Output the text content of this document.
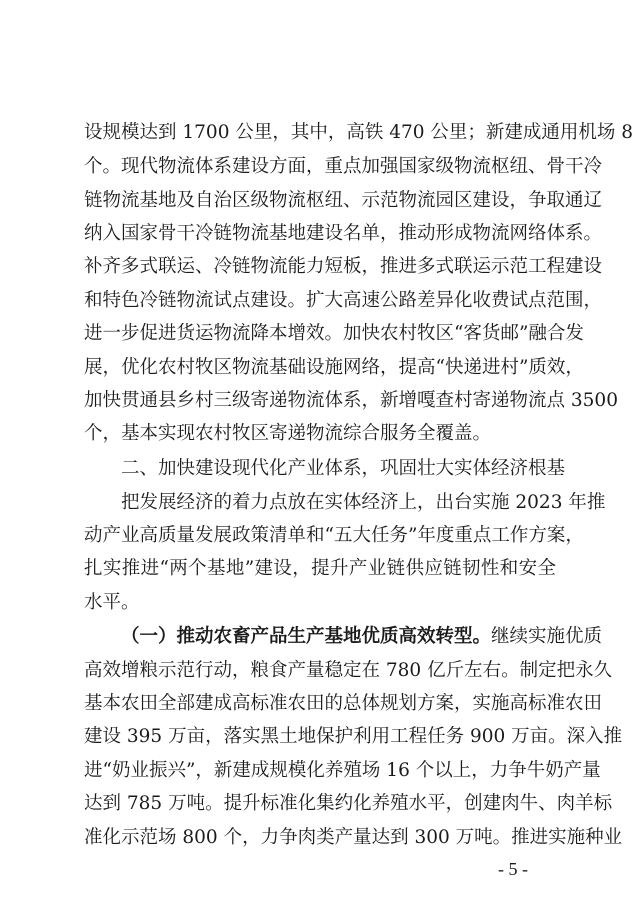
设规模达到 1700 公里，其中，高铁 470 公里；新建成通用机场 8
个。现代物流体系建设方面，重点加强国家级物流枢纽、骨干冷
链物流基地及自治区级物流枢纽、示范物流园区建设，争取通辽
纳入国家骨干冷链物流基地建设名单，推动形成物流网络体系。
补齐多式联运、冷链物流能力短板，推进多式联运示范工程建设
和特色冷链物流试点建设。扩大高速公路差异化收费试点范围，
进一步促进货运物流降本增效。加快农村牧区“客货邮”融合发
展，优化农村牧区物流基础设施网络，提高“快递进村”质效，
加快贯通县乡村三级寄递物流体系，新增嘎查村寄递物流点 3500
个，基本实现农村牧区寄递物流综合服务全覆盖。
二、加快建设现代化产业体系，巩固壮大实体经济根基
把发展经济的着力点放在实体经济上，出台实施 2023 年推
动产业高质量发展政策清单和“五大任务”年度重点工作方案，
扎实推进“两个基地”建设，提升产业链供应链韧性和安全
水平。
（一）推动农畜产品生产基地优质高效转型。继续实施优质
高效增粮示范行动，粮食产量稳定在 780 亿斤左右。制定把永久
基本农田全部建成高标准农田的总体规划方案，实施高标准农田
建设 395 万亩，落实黑土地保护利用工程任务 900 万亩。深入推
进“奶业振兴”，新建成规模化养殖场 16 个以上，力争牛奶产量
达到 785 万吨。提升标准化集约化养殖水平，创建肉牛、肉羊标
准化示范场 800 个，力争肉类产量达到 300 万吨。推进实施种业
- 5 -
